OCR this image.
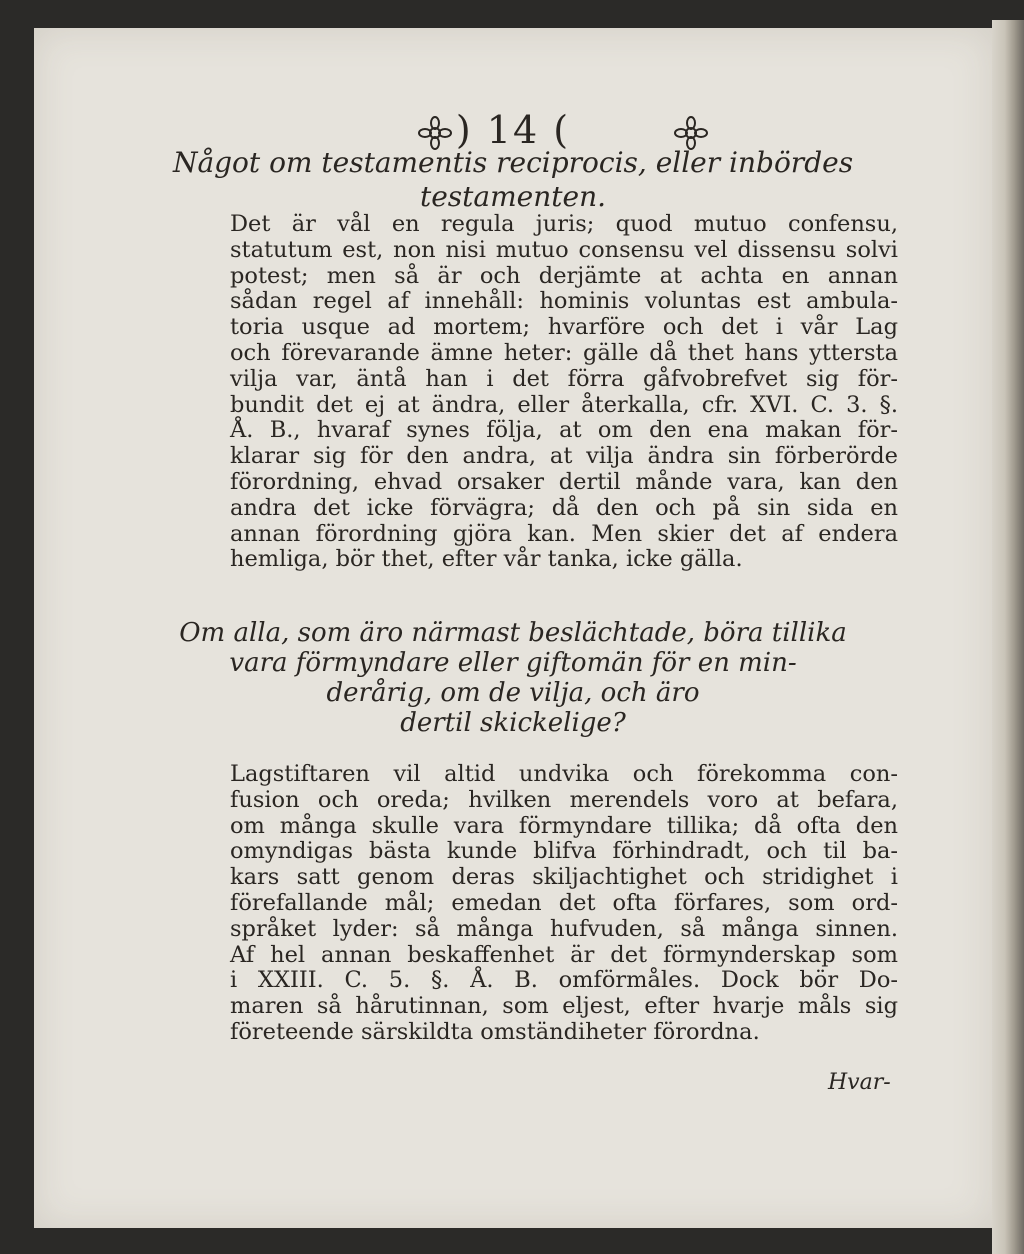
) 14 (
Något om testamentis reciprocis, eller inbördes
testamenten.
Det är vål en regula juris; quod mutuo confensu,
statutum est, non nisi mutuo consensu vel dissensu solvi
potest; men så är och derjämte at achta en annan
sådan regel af innehåll: hominis voluntas est ambula-
toria usque ad mortem; hvarföre och det i vår Lag
och förevarande ämne heter: gälle då thet hans yttersta
vilja var, äntå han i det förra gåfvobrefvet sig för-
bundit det ej at ändra, eller återkalla, cfr. XVI. C. 3. §.
Å. B., hvaraf synes följa, at om den ena makan för-
klarar sig för den andra, at vilja ändra sin förberörde
förordning, ehvad orsaker dertil månde vara, kan den
andra det icke förvägra; då den och på sin sida en
annan förordning gjöra kan. Men skier det af endera
hemliga, bör thet, efter vår tanka, icke gälla.
Om alla, som äro närmast beslächtade, böra tillika
vara förmyndare eller giftomän för en min-
derårig, om de vilja, och äro
dertil skickelige?
Lagstiftaren vil altid undvika och förekomma con-
fusion och oreda; hvilken merendels voro at befara,
om många skulle vara förmyndare tillika; då ofta den
omyndigas bästa kunde blifva förhindradt, och til ba-
kars satt genom deras skiljachtighet och stridighet i
förefallande mål; emedan det ofta förfares, som ord-
språket lyder: så många hufvuden, så många sinnen.
Af hel annan beskaffenhet är det förmynderskap som
i XXIII. C. 5. §. Å. B. omförmåles. Dock bör Do-
maren så hårutinnan, som eljest, efter hvarje måls sig
företeende särskildta omständiheter förordna.
Hvar-
